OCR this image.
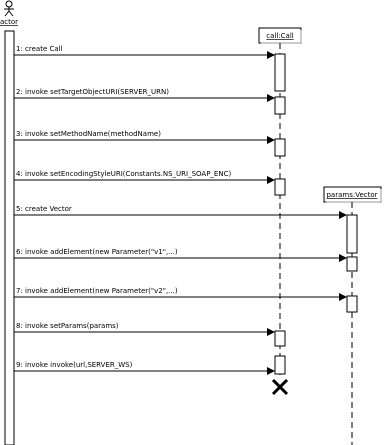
actor
call:Call
params:Vector
1: create Call
2: invoke setTargetObjectURI(SERVER_URN)
3: invoke setMethodName(methodName)
4: invoke setEncodingStyleURI(Constants.NS_URI_SOAP_ENC)
5: create Vector
6: invoke addElement(new Parameter("v1",...)
7: invoke addElement(new Parameter("v2",...)
8: invoke setParams(params)
9: invoke invoke(url,SERVER_WS)
